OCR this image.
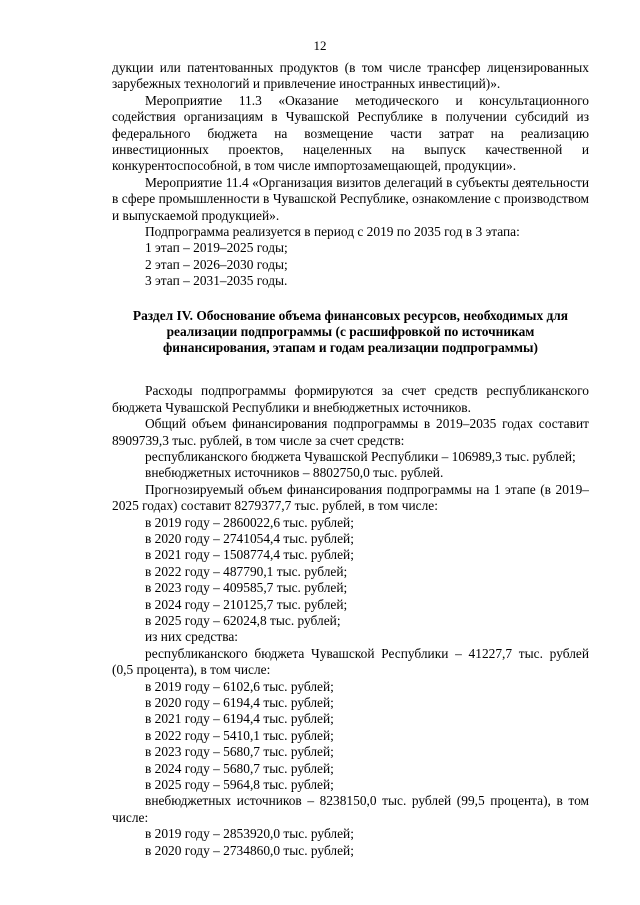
12

дукции или патентованных продуктов (в том числе трансфер лицензированных зарубежных технологий и привлечение иностранных инвестиций)».

Мероприятие 11.3 «Оказание методического и консультационного содействия организациям в Чувашской Республике в получении субсидий из федерального бюджета на возмещение части затрат на реализацию инвестиционных проектов, нацеленных на выпуск качественной и конкурентоспособной, в том числе импортозамещающей, продукции».

Мероприятие 11.4 «Организация визитов делегаций в субъекты деятельности в сфере промышленности в Чувашской Республике, ознакомление с производством и выпускаемой продукцией».

Подпрограмма реализуется в период с 2019 по 2035 год в 3 этапа:

1 этап – 2019–2025 годы;

2 этап – 2026–2030 годы;

3 этап – 2031–2035 годы.

Раздел IV. Обоснование объема финансовых ресурсов, необходимых для реализации подпрограммы (с расшифровкой по источникам финансирования, этапам и годам реализации подпрограммы)

Расходы подпрограммы формируются за счет средств республиканского бюджета Чувашской Республики и внебюджетных источников.

Общий объем финансирования подпрограммы в 2019–2035 годах составит 8909739,3 тыс. рублей, в том числе за счет средств:

республиканского бюджета Чувашской Республики – 106989,3 тыс. рублей;

внебюджетных источников – 8802750,0 тыс. рублей.

Прогнозируемый объем финансирования подпрограммы на 1 этапе (в 2019–2025 годах) составит 8279377,7 тыс. рублей, в том числе:

в 2019 году – 2860022,6 тыс. рублей;

в 2020 году – 2741054,4 тыс. рублей;

в 2021 году – 1508774,4 тыс. рублей;

в 2022 году – 487790,1 тыс. рублей;

в 2023 году – 409585,7 тыс. рублей;

в 2024 году – 210125,7 тыс. рублей;

в 2025 году – 62024,8 тыс. рублей;

из них средства:

республиканского бюджета Чувашской Республики – 41227,7 тыс. рублей (0,5 процента), в том числе:

в 2019 году – 6102,6 тыс. рублей;

в 2020 году – 6194,4 тыс. рублей;

в 2021 году – 6194,4 тыс. рублей;

в 2022 году – 5410,1 тыс. рублей;

в 2023 году – 5680,7 тыс. рублей;

в 2024 году – 5680,7 тыс. рублей;

в 2025 году – 5964,8 тыс. рублей;

внебюджетных источников – 8238150,0 тыс. рублей (99,5 процента), в том числе:

в 2019 году – 2853920,0 тыс. рублей;

в 2020 году – 2734860,0 тыс. рублей;
